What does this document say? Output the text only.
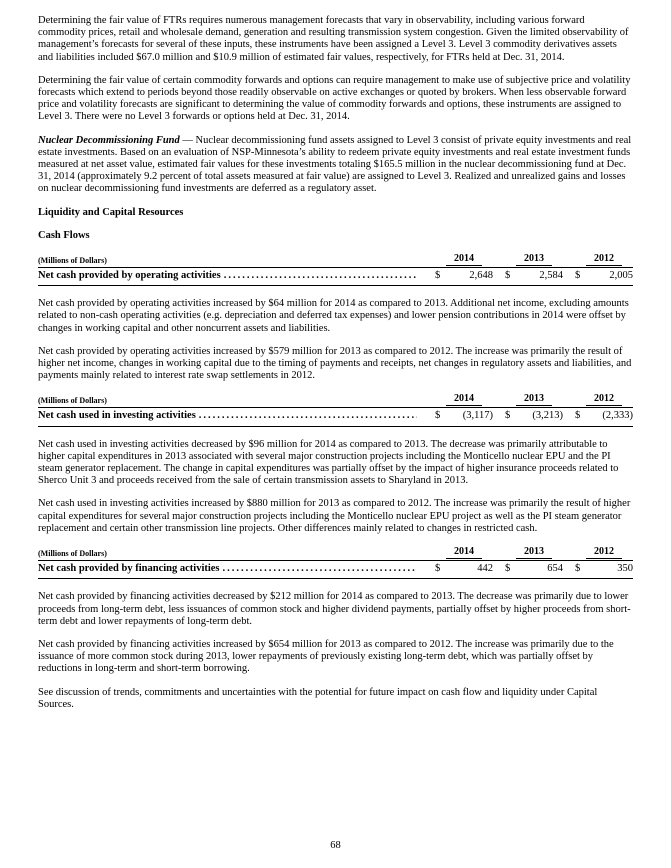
Determining the fair value of FTRs requires numerous management forecasts that vary in observability, including various forward commodity prices, retail and wholesale demand, generation and resulting transmission system congestion. Given the limited observability of management’s forecasts for several of these inputs, these instruments have been assigned a Level 3. Level 3 commodity derivatives assets and liabilities included $67.0 million and $10.9 million of estimated fair values, respectively, for FTRs held at Dec. 31, 2014.

Determining the fair value of certain commodity forwards and options can require management to make use of subjective price and volatility forecasts which extend to periods beyond those readily observable on active exchanges or quoted by brokers. When less observable forward price and volatility forecasts are significant to determining the value of commodity forwards and options, these instruments are assigned to Level 3. There were no Level 3 forwards or options held at Dec. 31, 2014.

Nuclear Decommissioning Fund — Nuclear decommissioning fund assets assigned to Level 3 consist of private equity investments and real estate investments. Based on an evaluation of NSP-Minnesota’s ability to redeem private equity investments and real estate investment funds measured at net asset value, estimated fair values for these investments totaling $165.5 million in the nuclear decommissioning fund at Dec. 31, 2014 (approximately 9.2 percent of total assets measured at fair value) are assigned to Level 3. Realized and unrealized gains and losses on nuclear decommissioning fund investments are deferred as a regulatory asset.

Liquidity and Capital Resources
Cash Flows
(Millions of Dollars)	2014	2013	2012
Net cash provided by operating activities .....	$	2,648 $	2,584 $	2,005

Net cash provided by operating activities increased by $64 million for 2014 as compared to 2013. Additional net income, excluding amounts related to non-cash operating activities (e.g. depreciation and deferred tax expenses) and lower pension contributions in 2014 were offset by changes in working capital and other noncurrent assets and liabilities.

Net cash provided by operating activities increased by $579 million for 2013 as compared to 2012. The increase was primarily the result of higher net income, changes in working capital due to the timing of payments and receipts, net changes in regulatory assets and liabilities, and payments mainly related to interest rate swap settlements in 2012.

(Millions of Dollars)	2014	2013	2012
Net cash used in investing activities .....	$ (3,117) $ (3,213) $ (2,333)

Net cash used in investing activities decreased by $96 million for 2014 as compared to 2013. The decrease was primarily attributable to higher capital expenditures in 2013 associated with several major construction projects including the Monticello nuclear EPU and the PI steam generator replacement. The change in capital expenditures was partially offset by the impact of higher insurance proceeds related to Sherco Unit 3 and proceeds received from the sale of certain transmission assets to Sharyland in 2013.

Net cash used in investing activities increased by $880 million for 2013 as compared to 2012. The increase was primarily the result of higher capital expenditures for several major construction projects including the Monticello nuclear EPU project as well as the PI steam generator replacement and certain other transmission line projects. Other differences mainly related to changes in restricted cash.

(Millions of Dollars)	2014	2013	2012
Net cash provided by financing activities .....	$	442 $	654 $	350

Net cash provided by financing activities decreased by $212 million for 2014 as compared to 2013. The decrease was primarily due to lower proceeds from long-term debt, less issuances of common stock and higher dividend payments, partially offset by higher proceeds from short-term debt and lower repayments of long-term debt.

Net cash provided by financing activities increased by $654 million for 2013 as compared to 2012. The increase was primarily due to the issuance of more common stock during 2013, lower repayments of previously existing long-term debt, which was partially offset by reductions in long-term and short-term borrowing.

See discussion of trends, commitments and uncertainties with the potential for future impact on cash flow and liquidity under Capital Sources.

68
